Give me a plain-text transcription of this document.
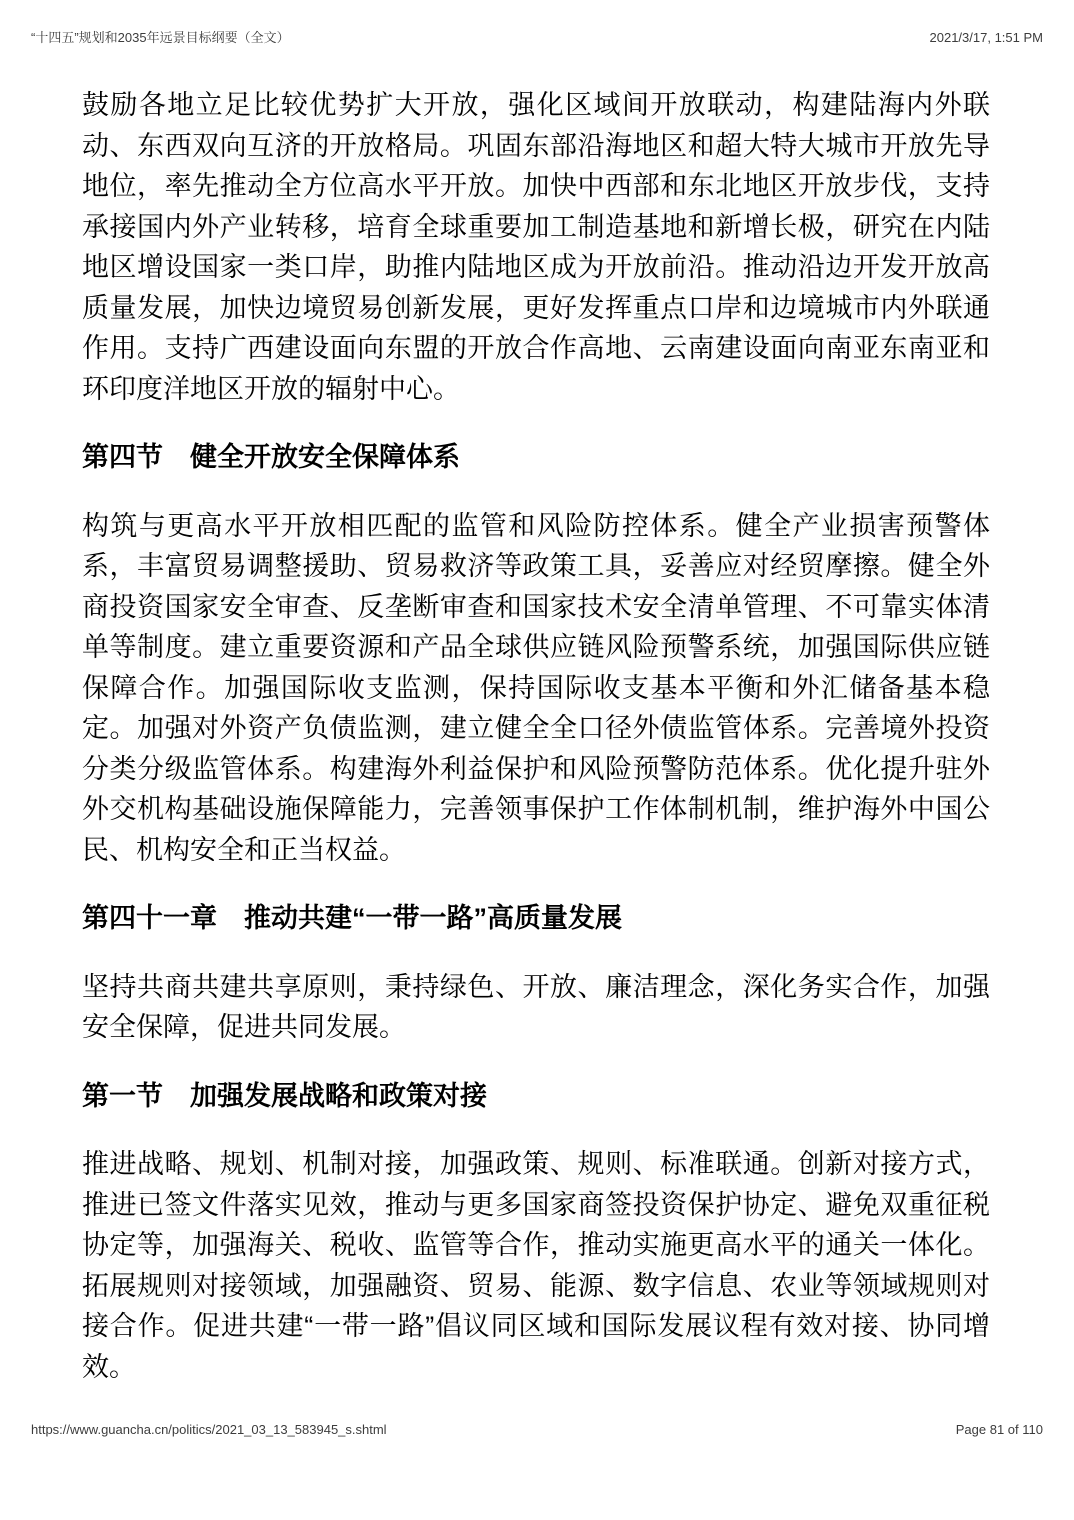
“十四五”规划和2035年远景目标纲要（全文）	2021/3/17, 1:51 PM

鼓励各地立足比较优势扩大开放，强化区域间开放联动，构建陆海内外联动、东西双向互济的开放格局。巩固东部沿海地区和超大特大城市开放先导地位，率先推动全方位高水平开放。加快中西部和东北地区开放步伐，支持承接国内外产业转移，培育全球重要加工制造基地和新增长极，研究在内陆地区增设国家一类口岸，助推内陆地区成为开放前沿。推动沿边开发开放高质量发展，加快边境贸易创新发展，更好发挥重点口岸和边境城市内外联通作用。支持广西建设面向东盟的开放合作高地、云南建设面向南亚东南亚和环印度洋地区开放的辐射中心。

第四节　健全开放安全保障体系

构筑与更高水平开放相匹配的监管和风险防控体系。健全产业损害预警体系，丰富贸易调整援助、贸易救济等政策工具，妥善应对经贸摩擦。健全外商投资国家安全审查、反垄断审查和国家技术安全清单管理、不可靠实体清单等制度。建立重要资源和产品全球供应链风险预警系统，加强国际供应链保障合作。加强国际收支监测，保持国际收支基本平衡和外汇储备基本稳定。加强对外资产负债监测，建立健全全口径外债监管体系。完善境外投资分类分级监管体系。构建海外利益保护和风险预警防范体系。优化提升驻外外交机构基础设施保障能力，完善领事保护工作体制机制，维护海外中国公民、机构安全和正当权益。

第四十一章　推动共建“一带一路”高质量发展

坚持共商共建共享原则，秉持绿色、开放、廉洁理念，深化务实合作，加强安全保障，促进共同发展。

第一节　加强发展战略和政策对接

推进战略、规划、机制对接，加强政策、规则、标准联通。创新对接方式，推进已签文件落实见效，推动与更多国家商签投资保护协定、避免双重征税协定等，加强海关、税收、监管等合作，推动实施更高水平的通关一体化。拓展规则对接领域，加强融资、贸易、能源、数字信息、农业等领域规则对接合作。促进共建“一带一路”倡议同区域和国际发展议程有效对接、协同增效。

https://www.guancha.cn/politics/2021_03_13_583945_s.shtml	Page 81 of 110
